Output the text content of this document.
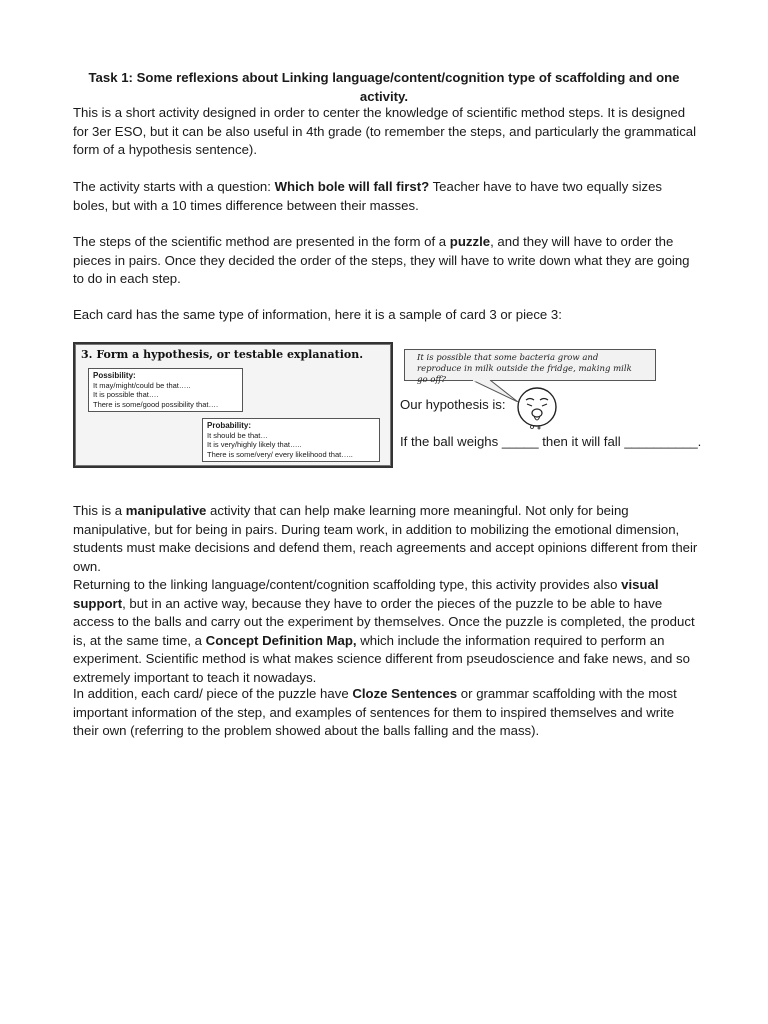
Task 1: Some reflexions about Linking language/content/cognition type of scaffolding and one activity.

This is a short activity designed in order to center the knowledge of scientific method steps. It is designed for 3er ESO, but it can be also useful in 4th grade (to remember the steps, and particularly the grammatical form of a hypothesis sentence).

The activity starts with a question: Which bole will fall first? Teacher have to have two equally sizes boles, but with a 10 times difference between their masses.

The steps of the scientific method are presented in the form of a puzzle, and they will have to order the pieces in pairs. Once they decided the order of the steps, they will have to write down what they are going to do in each step.

Each card has the same type of information, here it is a sample of card 3 or piece 3:

3. Form a hypothesis, or testable explanation.
Possibility:
It may/might/could be that…..
It is possible that….
There is some/good possibility that….
Probability:
It should be that…
It is very/highly likely that…..
There is some/very/ every likelihood that…..
It is possible that some bacteria grow and reproduce in milk outside the fridge, making milk go off?
Our hypothesis is:
If the ball weighs _____ then it will fall __________.

This is a manipulative activity that can help make learning more meaningful. Not only for being manipulative, but for being in pairs. During team work, in addition to mobilizing the emotional dimension, students must make decisions and defend them, reach agreements and accept opinions different from their own.

Returning to the linking language/content/cognition scaffolding type, this activity provides also visual support, but in an active way, because they have to order the pieces of the puzzle to be able to have access to the balls and carry out the experiment by themselves. Once the puzzle is completed, the product is, at the same time, a Concept Definition Map, which include the information required to perform an experiment. Scientific method is what makes science different from pseudoscience and fake news, and so extremely important to teach it nowadays.

In addition, each card/ piece of the puzzle have Cloze Sentences or grammar scaffolding with the most important information of the step, and examples of sentences for them to inspired themselves and write their own (referring to the problem showed about the balls falling and the mass).
